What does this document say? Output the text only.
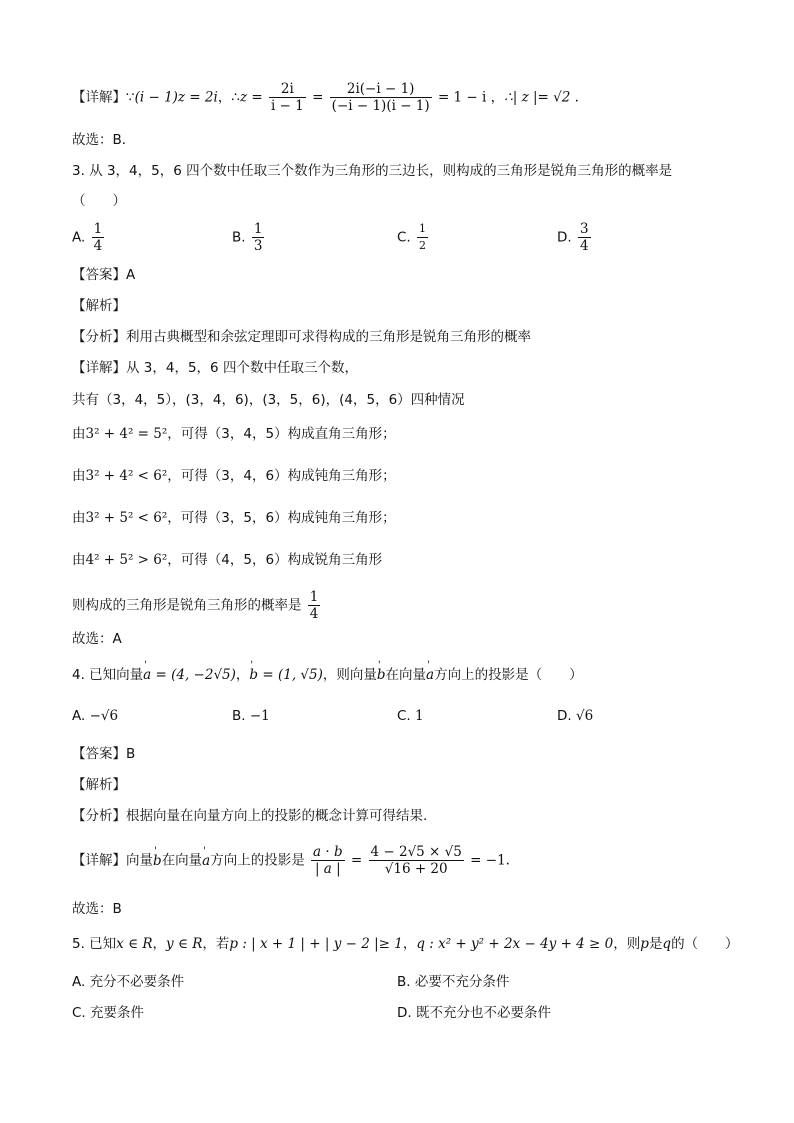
【详解】∵(i − 1)z = 2i，∴z = $\frac{2i}{i - 1} = \frac{2i(-i - 1)}{(-i - 1)(i - 1)} = 1 - i$ ，∴| z |= √2 .
故选：B．
3. 从 3，4，5，6 四个数中任取三个数作为三角形的三边长，则构成的三角形是锐角三角形的概率是
（　　）
A. $\frac{1}{4}$	B. $\frac{1}{3}$	C. $\frac{1}{2}$	D. $\frac{3}{4}$
【答案】A
【解析】
【分析】利用古典概型和余弦定理即可求得构成的三角形是锐角三角形的概率
【详解】从 3，4，5，6 四个数中任取三个数，
共有（3，4，5），(3，4，6)，(3，5，6)，(4，5，6）四种情况
由3² + 4² = 5²，可得（3，4，5）构成直角三角形；
由3² + 4² < 6²，可得（3，4，6）构成钝角三角形；
由3² + 5² < 6²，可得（3，5，6）构成钝角三角形；
由4² + 5² > 6²，可得（4，5，6）构成锐角三角形
则构成的三角形是锐角三角形的概率是 $\frac{1}{4}$
故选：A
4. 已知向量' a = (4, −2√5)，' b = (1, √5)，则向量' b在向量' a方向上的投影是（　　）
A. −√6	B. −1	C. 1	D. √6
【答案】B
【解析】
【分析】根据向量在向量方向上的投影的概念计算可得结果.
【详解】向量' b在向量' a方向上的投影是 $\frac{a \cdot b}{| a |} = \frac{4 - 2√5 \times √5}{√16 + 20} = -1$.
故选：B
5. 已知x ∈ R，y ∈ R，若p : | x + 1 | + | y − 2 |≥ 1，q : x² + y² + 2x − 4y + 4 ≥ 0，则p是q的（　　）
A. 充分不必要条件	B. 必要不充分条件
C. 充要条件	D. 既不充分也不必要条件
